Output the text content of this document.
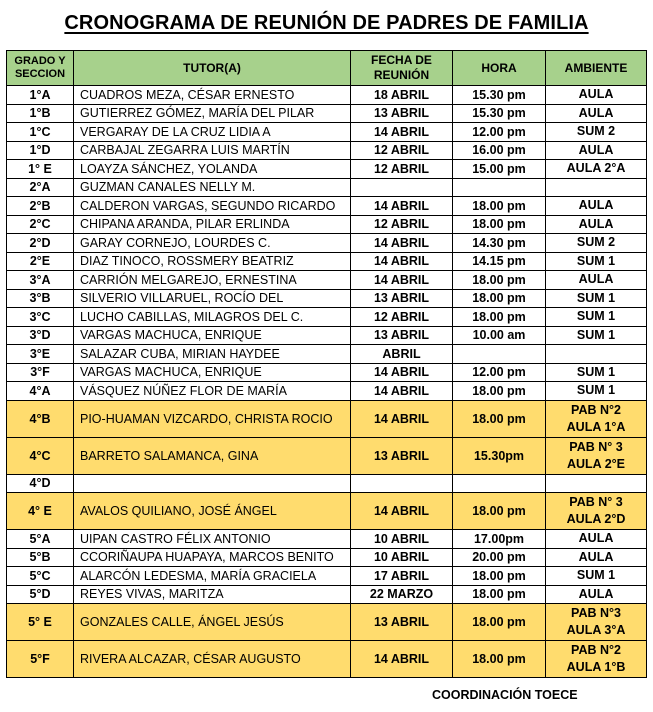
CRONOGRAMA DE REUNIÓN DE PADRES DE FAMILIA
GRADO Y
SECCION	TUTOR(A)	FECHA DE
REUNIÓN	HORA	AMBIENTE
1°A	CUADROS MEZA, CÉSAR ERNESTO	18 ABRIL	15.30 pm	AULA

1°B	GUTIERREZ GÓMEZ, MARÍA DEL PILAR	13 ABRIL	15.30 pm	AULA

1°C	VERGARAY DE LA CRUZ LIDIA A	14 ABRIL	12.00 pm	SUM 2

1°D	CARBAJAL ZEGARRA LUIS MARTÍN	12 ABRIL	16.00 pm	AULA

1° E	LOAYZA SÁNCHEZ, YOLANDA	12 ABRIL	15.00 pm	AULA 2°A

2°A	GUZMAN CANALES NELLY M.			

2°B	CALDERON VARGAS, SEGUNDO RICARDO	14 ABRIL	18.00 pm	AULA

2°C	CHIPANA ARANDA, PILAR ERLINDA	12 ABRIL	18.00 pm	AULA

2°D	GARAY CORNEJO, LOURDES C.	14 ABRIL	14.30 pm	SUM 2

2°E	DIAZ TINOCO, ROSSMERY BEATRIZ	14 ABRIL	14.15 pm	SUM 1

3°A	CARRIÓN MELGAREJO, ERNESTINA	14 ABRIL	18.00 pm	AULA

3°B	SILVERIO VILLARUEL, ROCÍO DEL	13 ABRIL	18.00 pm	SUM 1

3°C	LUCHO CABILLAS, MILAGROS DEL C.	12 ABRIL	18.00 pm	SUM 1

3°D	VARGAS MACHUCA, ENRIQUE	13 ABRIL	10.00 am	SUM 1

3°E	SALAZAR CUBA, MIRIAN HAYDEE	ABRIL		

3°F	VARGAS MACHUCA, ENRIQUE	14 ABRIL	12.00 pm	SUM 1

4°A	VÁSQUEZ NÚÑEZ FLOR DE MARÍA	14 ABRIL	18.00 pm	SUM 1

4°B	PIO-HUAMAN VIZCARDO, CHRISTA ROCIO	14 ABRIL	18.00 pm	PAB N°2
AULA 1°A

4°C	BARRETO SALAMANCA, GINA	13 ABRIL	15.30pm	PAB N° 3
AULA 2°E

4°D				

4° E	AVALOS QUILIANO, JOSÉ ÁNGEL	14 ABRIL	18.00 pm	PAB N° 3
AULA 2°D

5°A	UIPAN CASTRO FÉLIX ANTONIO	10 ABRIL	17.00pm	AULA

5°B	CCORIÑAUPA HUAPAYA, MARCOS BENITO	10 ABRIL	20.00 pm	AULA

5°C	ALARCÓN LEDESMA, MARÍA GRACIELA	17 ABRIL	18.00 pm	SUM 1

5°D	REYES VIVAS, MARITZA	22 MARZO	18.00 pm	AULA

5° E	GONZALES CALLE, ÁNGEL JESÚS	13 ABRIL	18.00 pm	PAB N°3
AULA 3°A

5°F	RIVERA ALCAZAR, CÉSAR AUGUSTO	14 ABRIL	18.00 pm	PAB N°2
AULA 1°B
COORDINACIÓN TOECE
